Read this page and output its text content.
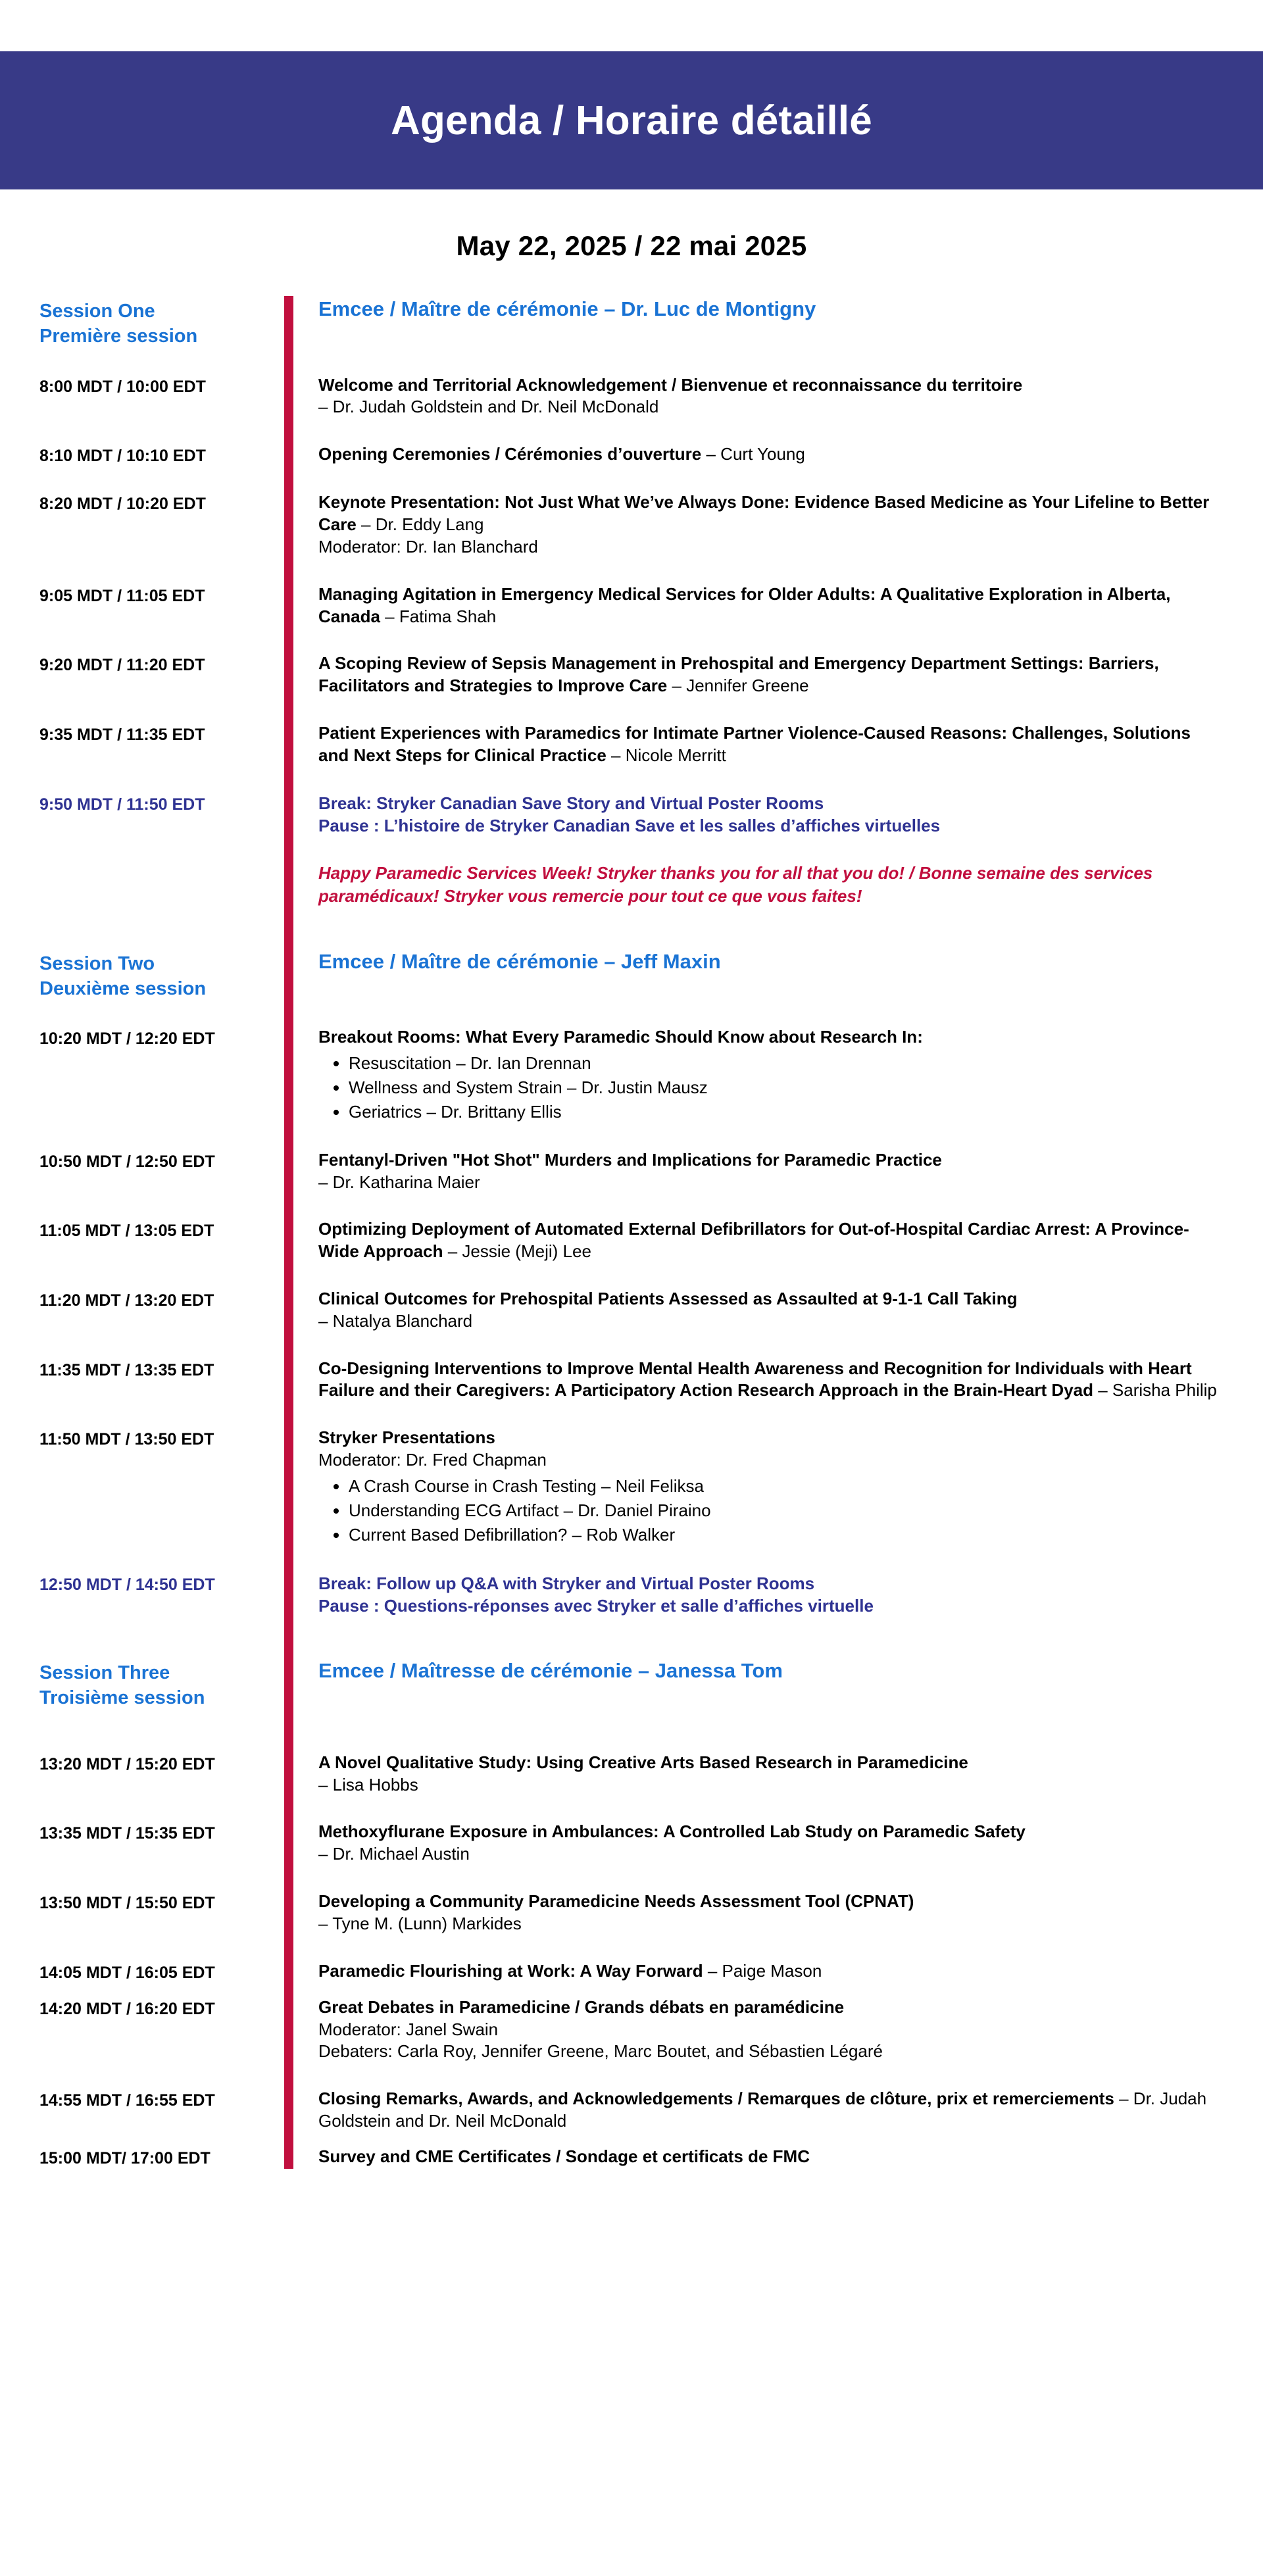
Agenda / Horaire détaillé
May 22, 2025 / 22 mai 2025
Session One
Première session		Emcee / Maître de cérémonie – Dr. Luc de Montigny

8:00 MDT / 10:00 EDT		Welcome and Territorial Acknowledgement / Bienvenue et reconnaissance du territoire
– Dr. Judah Goldstein and Dr. Neil McDonald

8:10 MDT / 10:10 EDT		Opening Ceremonies / Cérémonies d’ouverture – Curt Young

8:20 MDT / 10:20 EDT		Keynote Presentation: Not Just What We’ve Always Done: Evidence Based Medicine as Your Lifeline to Better Care – Dr. Eddy Lang
Moderator: Dr. Ian Blanchard

9:05 MDT / 11:05 EDT		Managing Agitation in Emergency Medical Services for Older Adults: A Qualitative Exploration in Alberta, Canada – Fatima Shah

9:20 MDT / 11:20 EDT		A Scoping Review of Sepsis Management in Prehospital and Emergency Department Settings: Barriers, Facilitators and Strategies to Improve Care – Jennifer Greene

9:35 MDT / 11:35 EDT		Patient Experiences with Paramedics for Intimate Partner Violence-Caused Reasons: Challenges, Solutions and Next Steps for Clinical Practice – Nicole Merritt

9:50 MDT / 11:50 EDT		Break: Stryker Canadian Save Story and Virtual Poster Rooms
Pause : L’histoire de Stryker Canadian Save et les salles d’affiches virtuelles

		Happy Paramedic Services Week! Stryker thanks you for all that you do! / Bonne semaine des services paramédicaux! Stryker vous remercie pour tout ce que vous faites!

Session Two
Deuxième session		Emcee / Maître de cérémonie – Jeff Maxin

10:20 MDT / 12:20 EDT		Breakout Rooms: What Every Paramedic Should Know about Research In:
• Resuscitation – Dr. Ian Drennan
• Wellness and System Strain – Dr. Justin Mausz
• Geriatrics – Dr. Brittany Ellis

10:50 MDT / 12:50 EDT		Fentanyl-Driven "Hot Shot" Murders and Implications for Paramedic Practice
– Dr. Katharina Maier

11:05 MDT / 13:05 EDT		Optimizing Deployment of Automated External Defibrillators for Out-of-Hospital Cardiac Arrest: A Province-Wide Approach – Jessie (Meji) Lee

11:20 MDT / 13:20 EDT		Clinical Outcomes for Prehospital Patients Assessed as Assaulted at 9-1-1 Call Taking
– Natalya Blanchard

11:35 MDT / 13:35 EDT		Co-Designing Interventions to Improve Mental Health Awareness and Recognition for Individuals with Heart Failure and their Caregivers: A Participatory Action Research Approach in the Brain-Heart Dyad – Sarisha Philip

11:50 MDT / 13:50 EDT		Stryker Presentations
Moderator: Dr. Fred Chapman
• A Crash Course in Crash Testing – Neil Feliksa
• Understanding ECG Artifact – Dr. Daniel Piraino
• Current Based Defibrillation? – Rob Walker

12:50 MDT / 14:50 EDT		Break: Follow up Q&A with Stryker and Virtual Poster Rooms
Pause : Questions-réponses avec Stryker et salle d’affiches virtuelle

Session Three
Troisième session		Emcee / Maîtresse de cérémonie – Janessa Tom

13:20 MDT / 15:20 EDT		A Novel Qualitative Study: Using Creative Arts Based Research in Paramedicine
– Lisa Hobbs

13:35 MDT / 15:35 EDT		Methoxyflurane Exposure in Ambulances: A Controlled Lab Study on Paramedic Safety
– Dr. Michael Austin

13:50 MDT / 15:50 EDT		Developing a Community Paramedicine Needs Assessment Tool (CPNAT)
– Tyne M. (Lunn) Markides

14:05 MDT / 16:05 EDT		Paramedic Flourishing at Work: A Way Forward – Paige Mason

14:20 MDT / 16:20 EDT		Great Debates in Paramedicine / Grands débats en paramédicine
Moderator: Janel Swain
Debaters: Carla Roy, Jennifer Greene, Marc Boutet, and Sébastien Légaré

14:55 MDT / 16:55 EDT		Closing Remarks, Awards, and Acknowledgements / Remarques de clôture, prix et remerciements – Dr. Judah Goldstein and Dr. Neil McDonald

15:00 MDT/ 17:00 EDT		Survey and CME Certificates / Sondage et certificats de FMC
